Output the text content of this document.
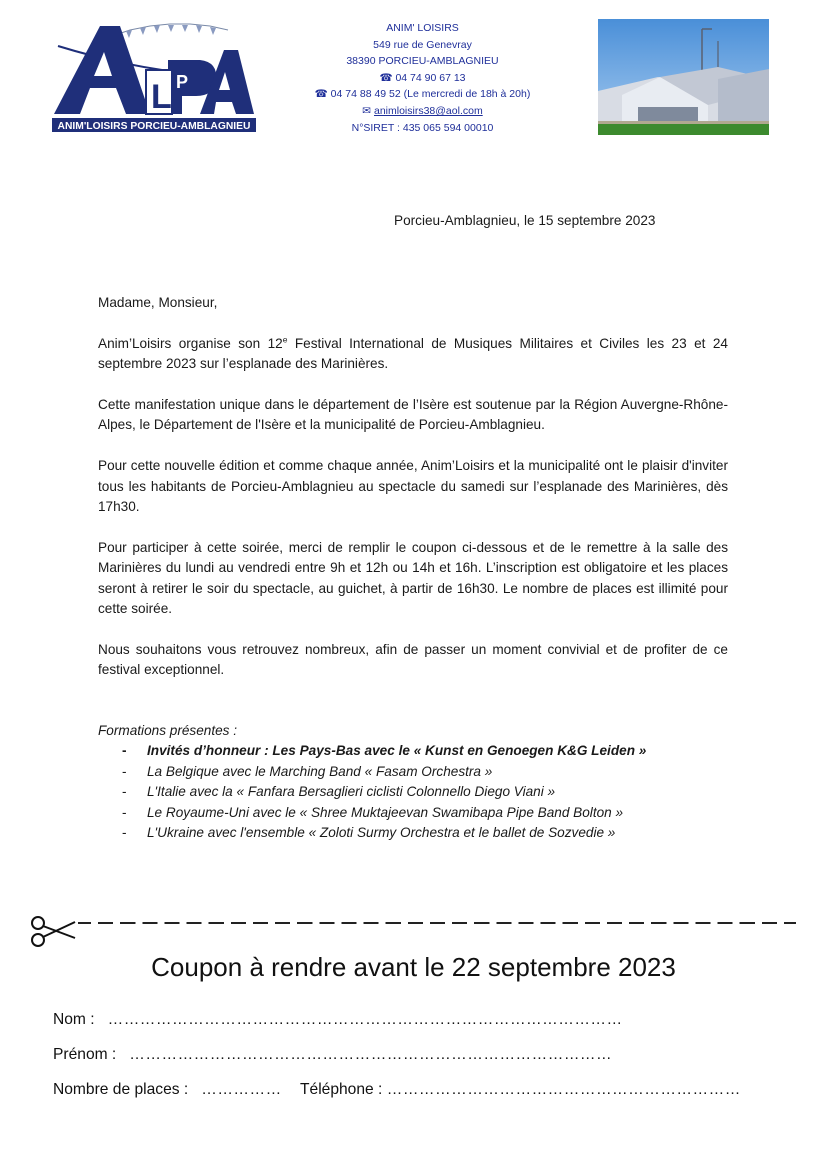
L P
ANIM'LOISIRS PORCIEU-AMBLAGNIEU
ANIM' LOISIRS
549 rue de Genevray
38390 PORCIEU-AMBLAGNIEU
☎ 04 74 90 67 13
☎ 04 74 88 49 52 (Le mercredi de 18h à 20h)
✉ animloisirs38@aol.com
N°SIRET : 435 065 594 00010
Porcieu-Amblagnieu, le 15 septembre 2023

Madame, Monsieur,

Anim’Loisirs organise son 12e Festival International de Musiques Militaires et Civiles les 23 et 24 septembre 2023 sur l’esplanade des Marinières.

Cette manifestation unique dans le département de l’Isère est soutenue par la Région Auvergne-Rhône-Alpes, le Département de l'Isère et la municipalité de Porcieu-Amblagnieu.

Pour cette nouvelle édition et comme chaque année, Anim’Loisirs et la municipalité ont le plaisir d'inviter tous les habitants de Porcieu-Amblagnieu au spectacle du samedi sur l’esplanade des Marinières, dès 17h30.

Pour participer à cette soirée, merci de remplir le coupon ci-dessous et de le remettre à la salle des Marinières du lundi au vendredi entre 9h et 12h ou 14h et 16h. L’inscription est obligatoire et les places seront à retirer le soir du spectacle, au guichet, à partir de 16h30. Le nombre de places est illimité pour cette soirée.

Nous souhaitons vous retrouvez nombreux, afin de passer un moment convivial et de profiter de ce festival exceptionnel.

Formations présentes :
- Invités d’honneur : Les Pays-Bas avec le « Kunst en Genoegen K&G Leiden »
- La Belgique avec le Marching Band « Fasam Orchestra »
- L'Italie avec la « Fanfara Bersaglieri ciclisti Colonnello Diego Viani »
- Le Royaume-Uni avec le « Shree Muktajeevan Swamibapa Pipe Band Bolton »
- L'Ukraine avec l'ensemble « Zoloti Surmy Orchestra et le ballet de Sozvedie »
Coupon à rendre avant le 22 septembre 2023
Nom : ……………………………………………………………………………………
Prénom : ………………………………………………………………………………
Nombre de places : …………… Téléphone : …………………………………………………………
